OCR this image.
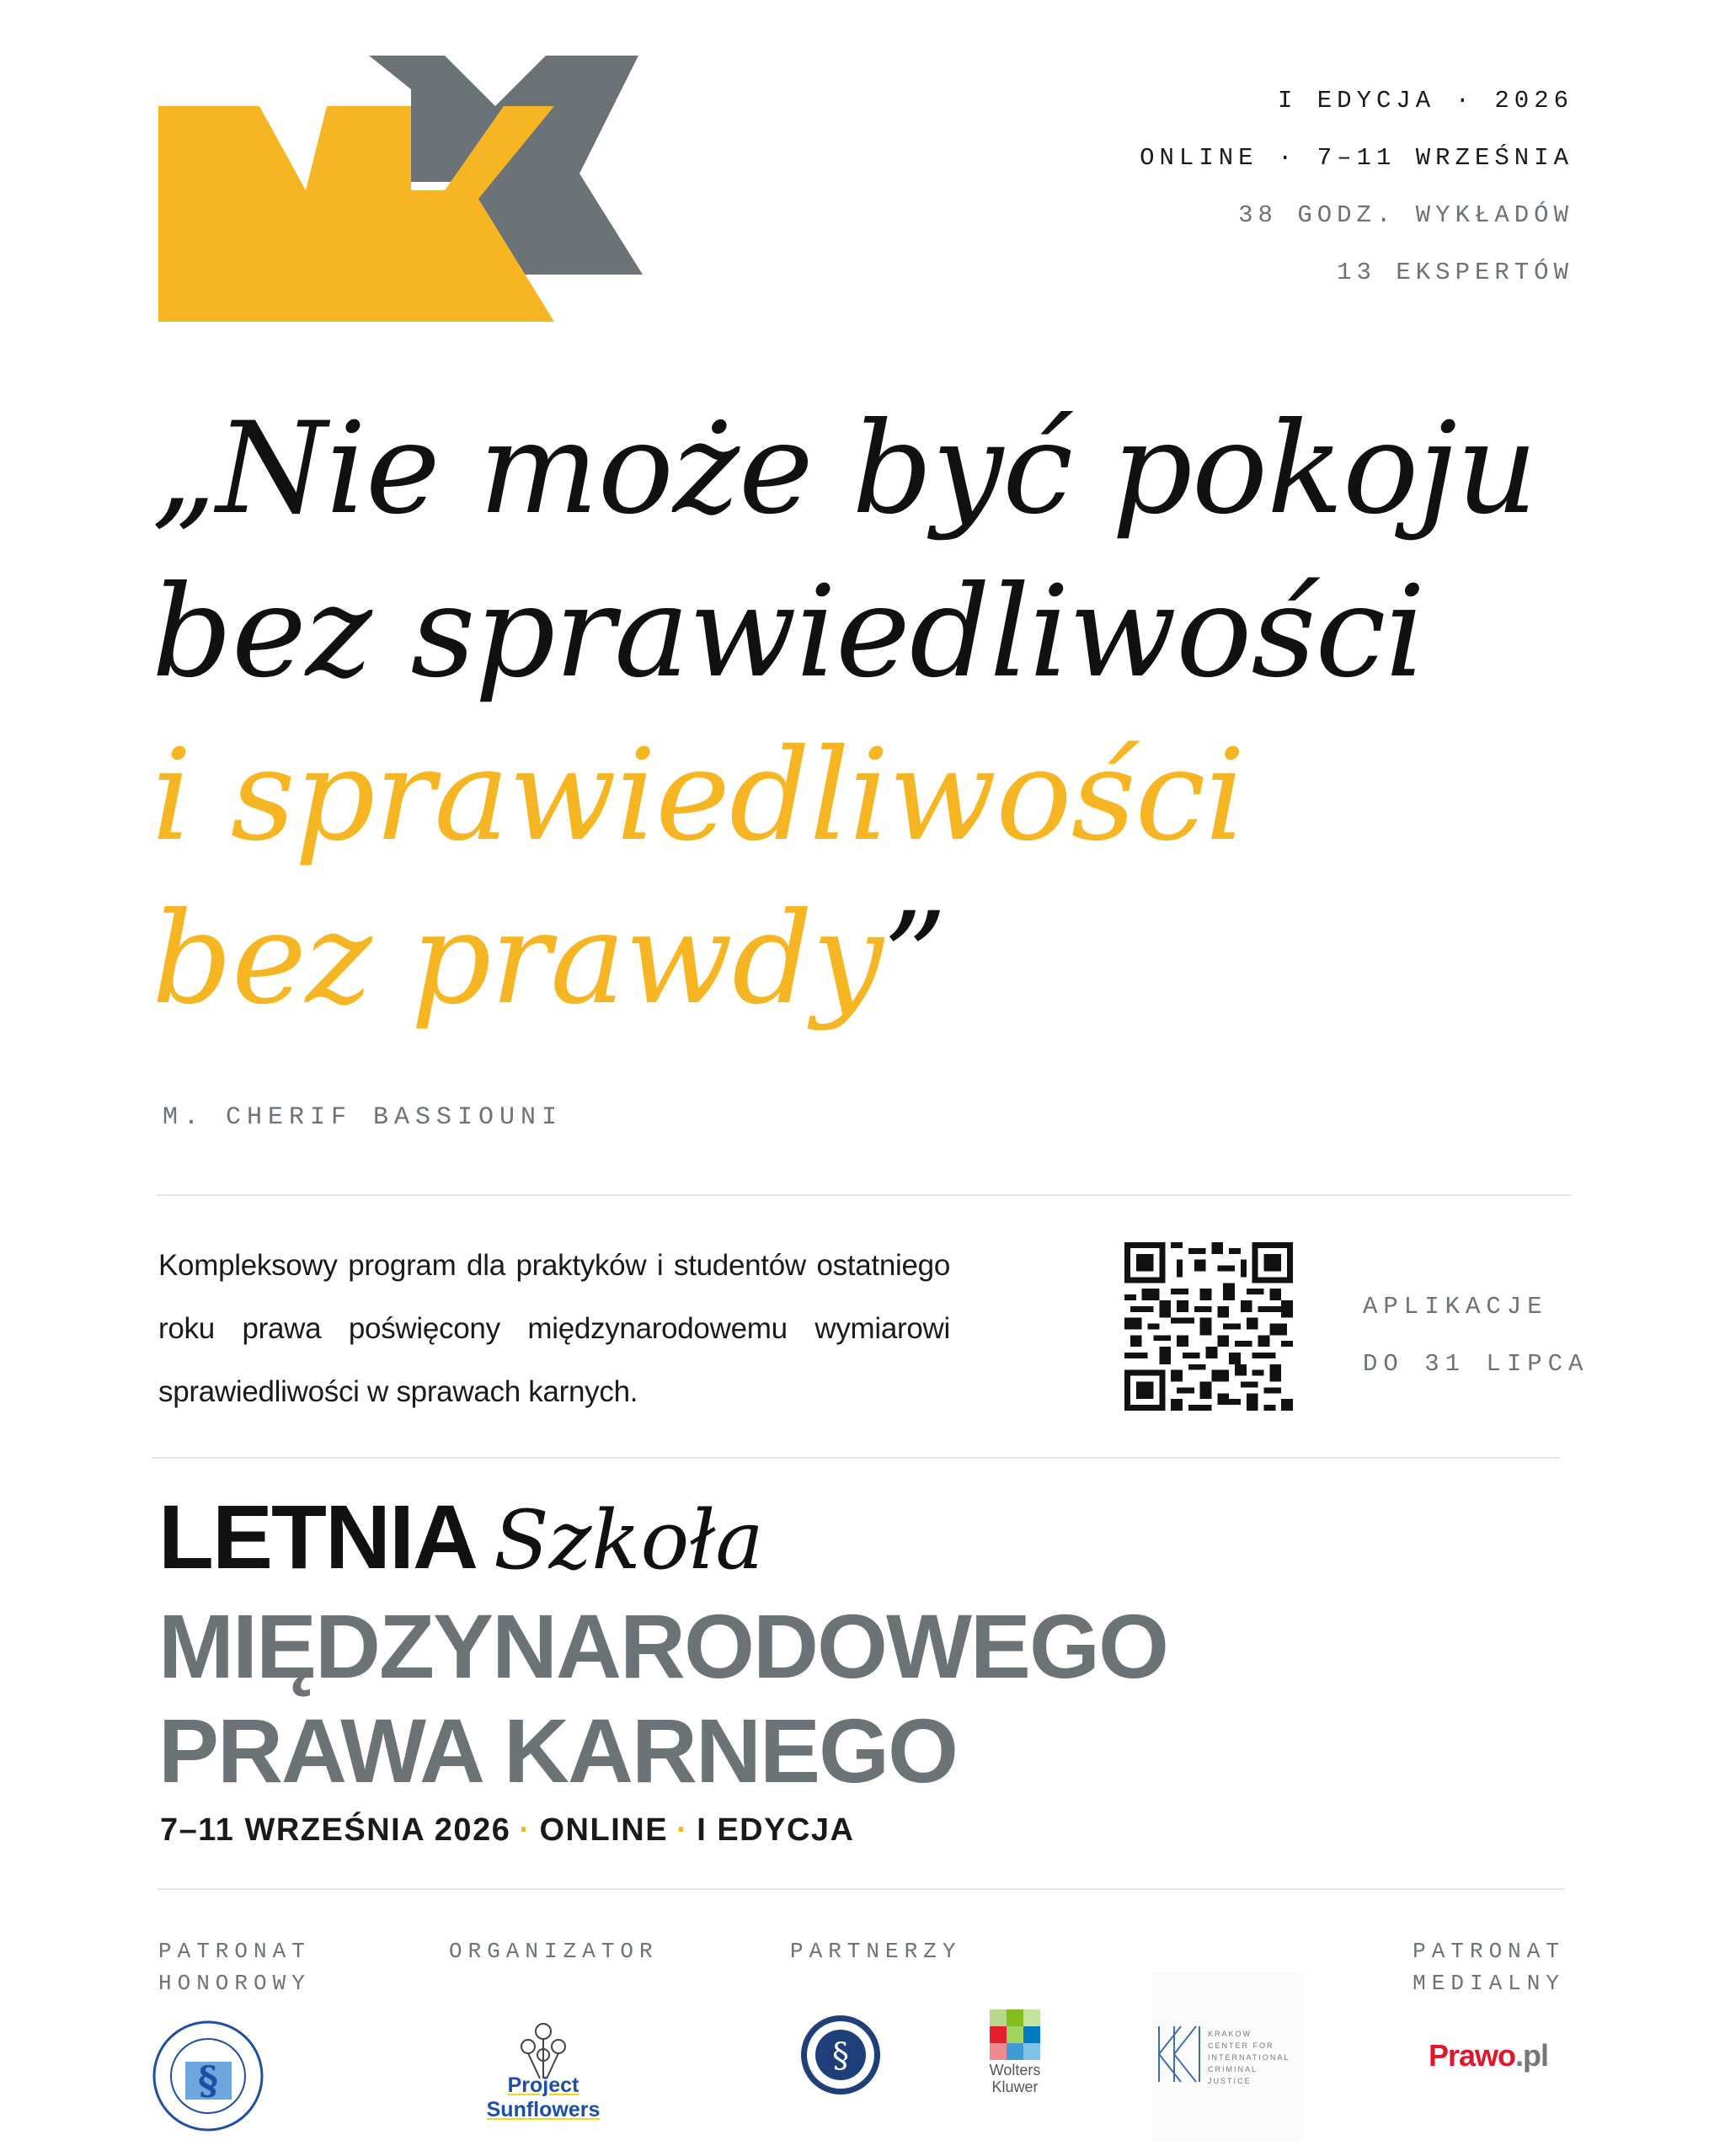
I EDYCJA · 2026
ONLINE · 7–11 WRZEŚNIA
38 GODZ. WYKŁADÓW
13 EKSPERTÓW
„Nie może być pokoju
bez sprawiedliwości
i sprawiedliwości
bez prawdy”
M. CHERIF BASSIOUNI
Kompleksowy program dla praktyków i studentów ostatniego roku prawa poświęcony międzynarodowemu wymiarowi sprawiedliwości w sprawach karnych.
APLIKACJE
DO 31 LIPCA
LETNIA Szkoła
MIĘDZYNARODOWEGO
PRAWA KARNEGO
7–11 WRZEŚNIA 2026 · ONLINE · I EDYCJA
PATRONAT
HONOROWY
ORGANIZATOR	PARTNERZY	PATRONAT
MEDIALNY
§	Project Sunflowers
§	Wolters
Kluwer
KRAKOW
CENTER FOR
INTERNATIONAL
CRIMINAL
JUSTICE
Prawo.pl
